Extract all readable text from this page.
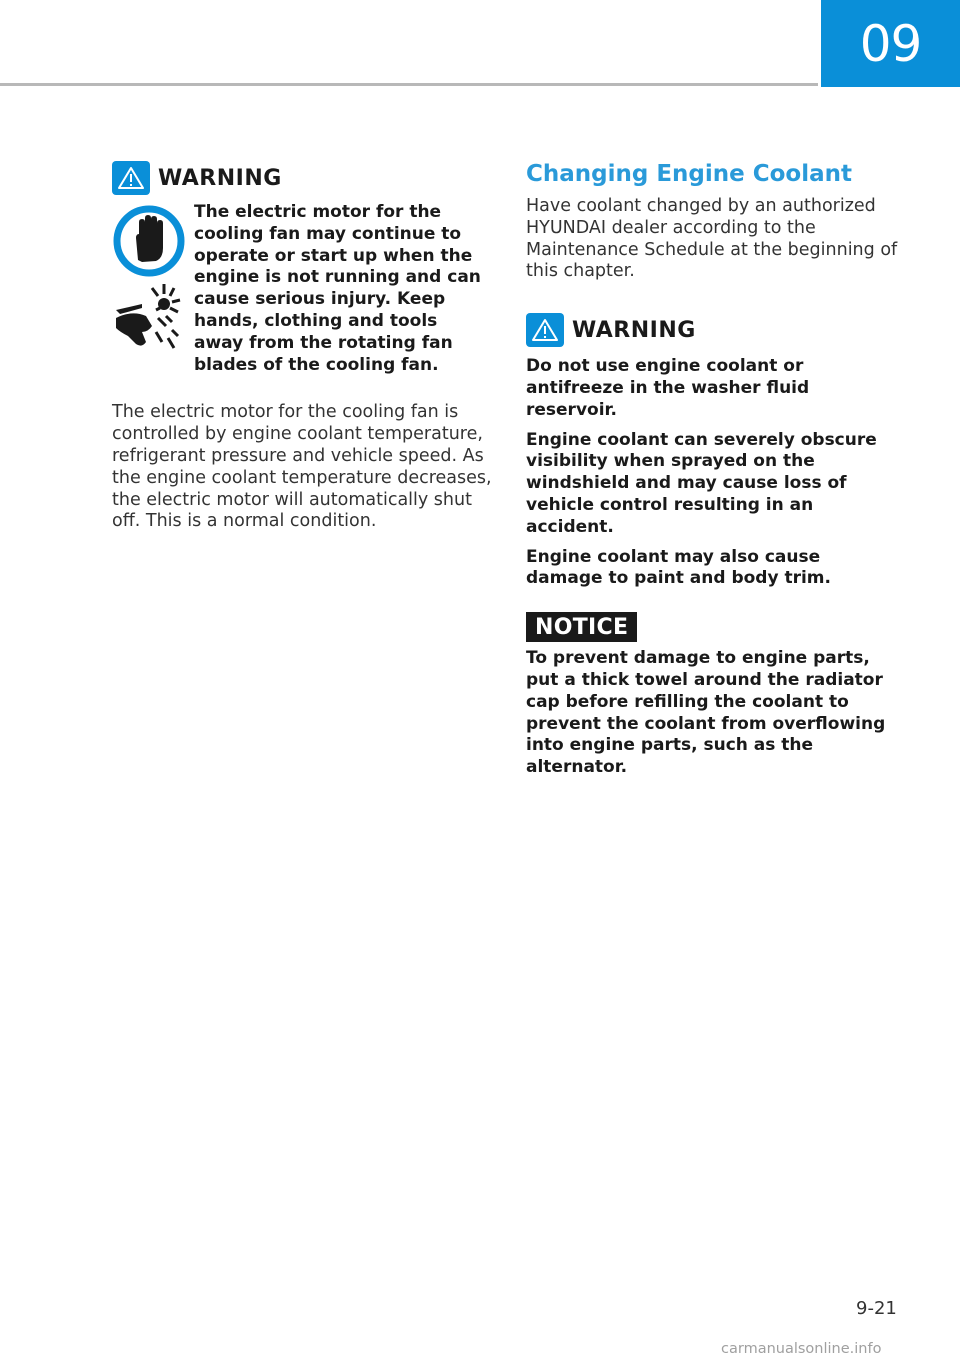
09
WARNING

The electric motor for the cooling fan may continue to operate or start up when the engine is not running and can cause serious injury. Keep hands, clothing and tools away from the rotating fan blades of the cooling fan.

The electric motor for the cooling fan is controlled by engine coolant temperature, refrigerant pressure and vehicle speed. As the engine coolant temperature decreases, the electric motor will automatically shut off. This is a normal condition.

Changing Engine Coolant

Have coolant changed by an authorized HYUNDAI dealer according to the Maintenance Schedule at the beginning of this chapter.

WARNING

Do not use engine coolant or antifreeze in the washer fluid reservoir.

Engine coolant can severely obscure visibility when sprayed on the windshield and may cause loss of vehicle control resulting in an accident.

Engine coolant may also cause damage to paint and body trim.

NOTICE

To prevent damage to engine parts, put a thick towel around the radiator cap before refilling the coolant to prevent the coolant from overflowing into engine parts, such as the alternator.

9-21
carmanualsonline.info
